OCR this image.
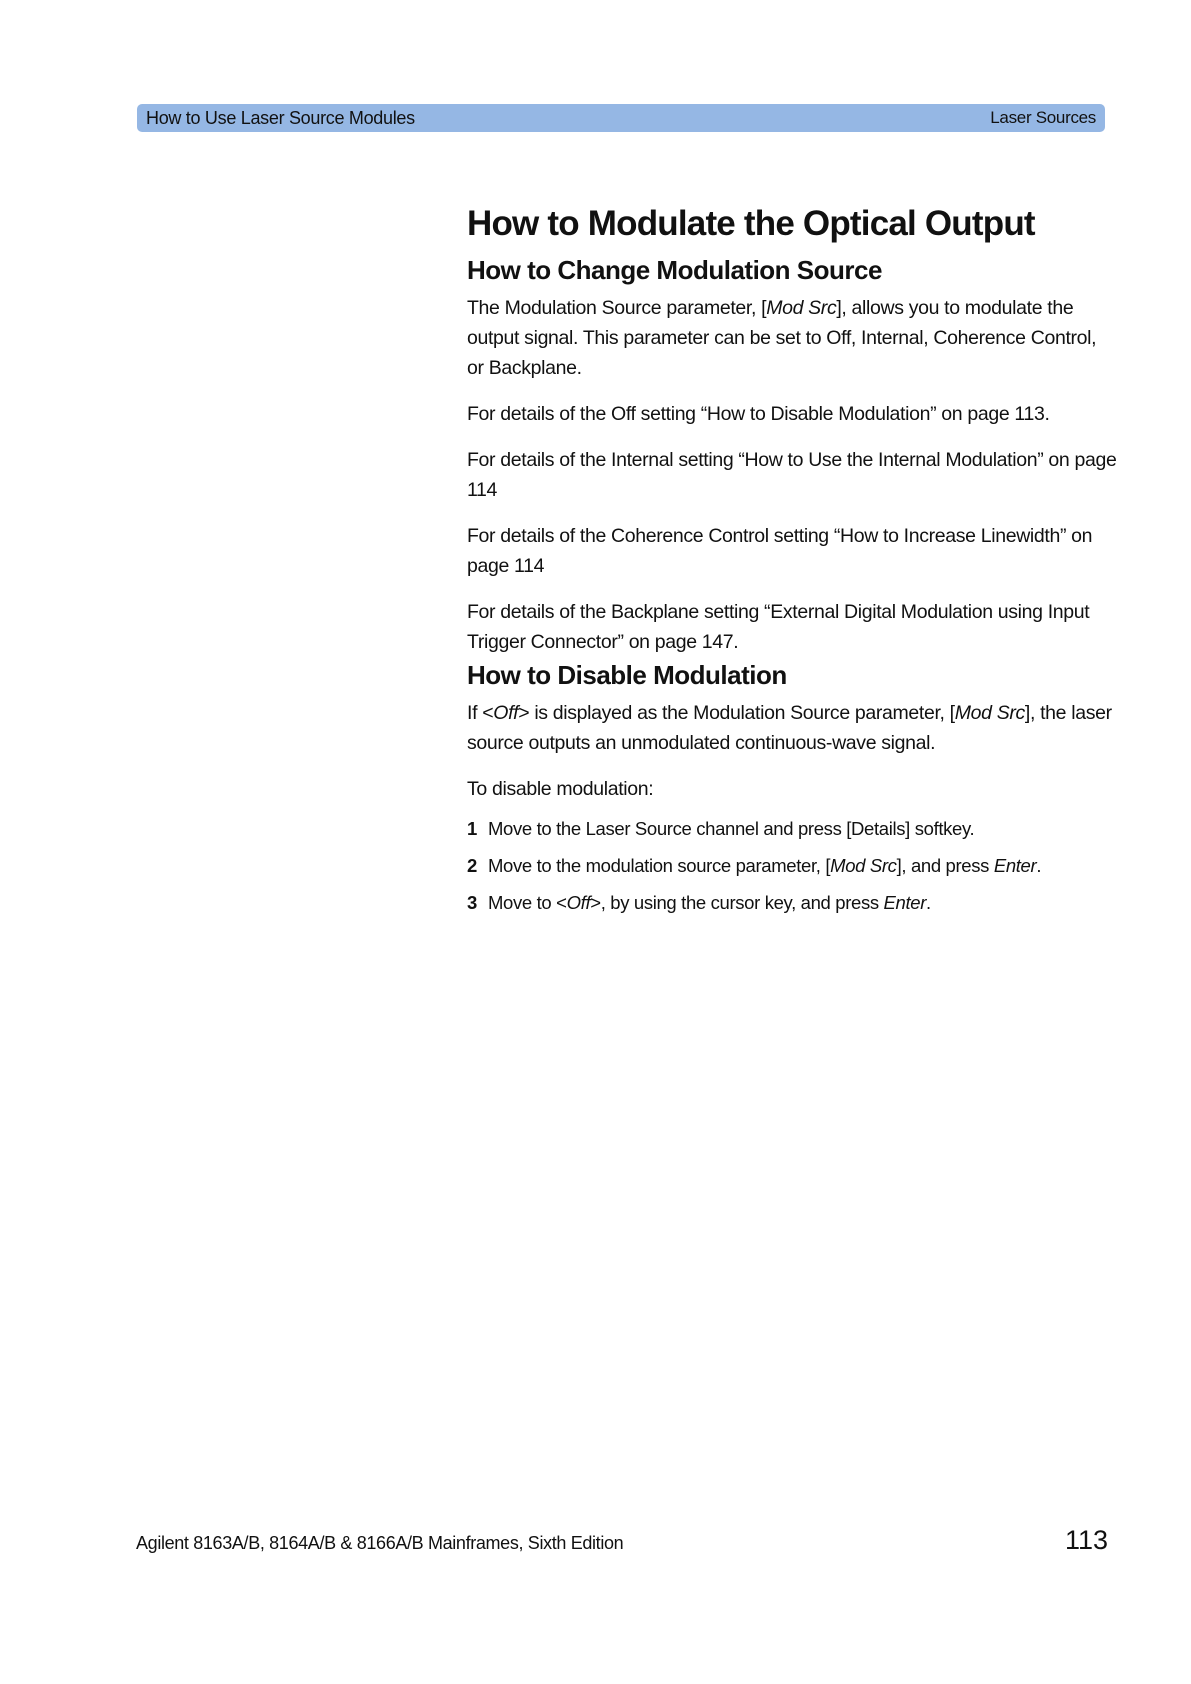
How to Use Laser Source Modules	Laser Sources
How to Modulate the Optical Output
How to Change Modulation Source

The Modulation Source parameter, [Mod Src], allows you to modulate the output signal. This parameter can be set to Off, Internal, Coherence Control, or Backplane.

For details of the Off setting “How to Disable Modulation” on page 113.

For details of the Internal setting “How to Use the Internal Modulation” on page 114

For details of the Coherence Control setting “How to Increase Linewidth” on page 114

For details of the Backplane setting “External Digital Modulation using Input Trigger Connector” on page 147.

How to Disable Modulation

If <Off> is displayed as the Modulation Source parameter, [Mod Src], the laser source outputs an unmodulated continuous-wave signal.

To disable modulation:

1 Move to the Laser Source channel and press [Details] softkey.
2 Move to the modulation source parameter, [Mod Src], and press Enter.
3 Move to <Off>, by using the cursor key, and press Enter.
Agilent 8163A/B, 8164A/B & 8166A/B Mainframes, Sixth Edition	113
